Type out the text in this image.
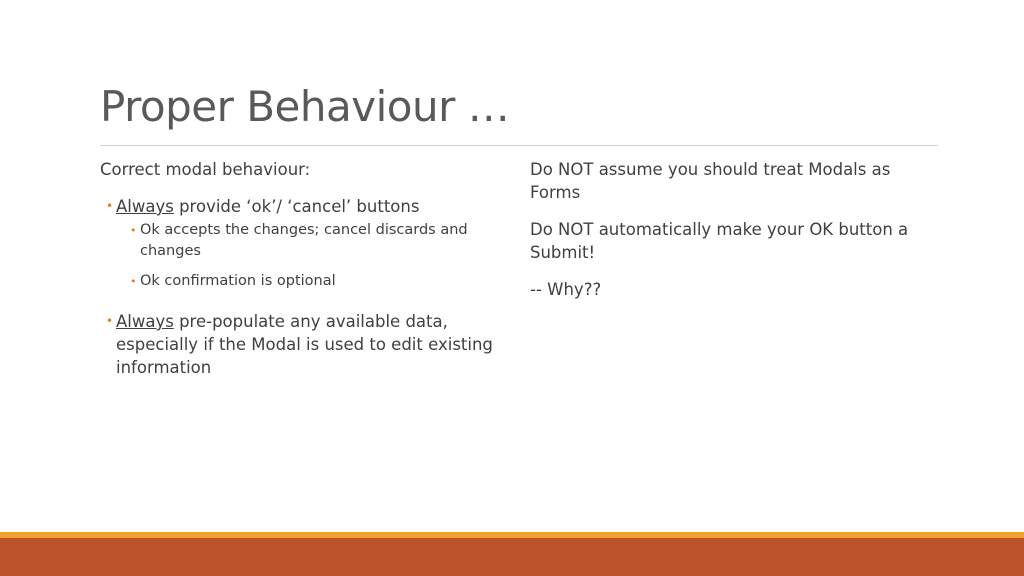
Proper Behaviour …

Correct modal behaviour:

• Always provide ‘ok’/ ‘cancel’ buttons
• Ok accepts the changes; cancel discards and changes
• Ok confirmation is optional
• Always pre-populate any available data, especially if the Modal is used to edit existing information

Do NOT assume you should treat Modals as Forms

Do NOT automatically make your OK button a Submit!

-- Why??
